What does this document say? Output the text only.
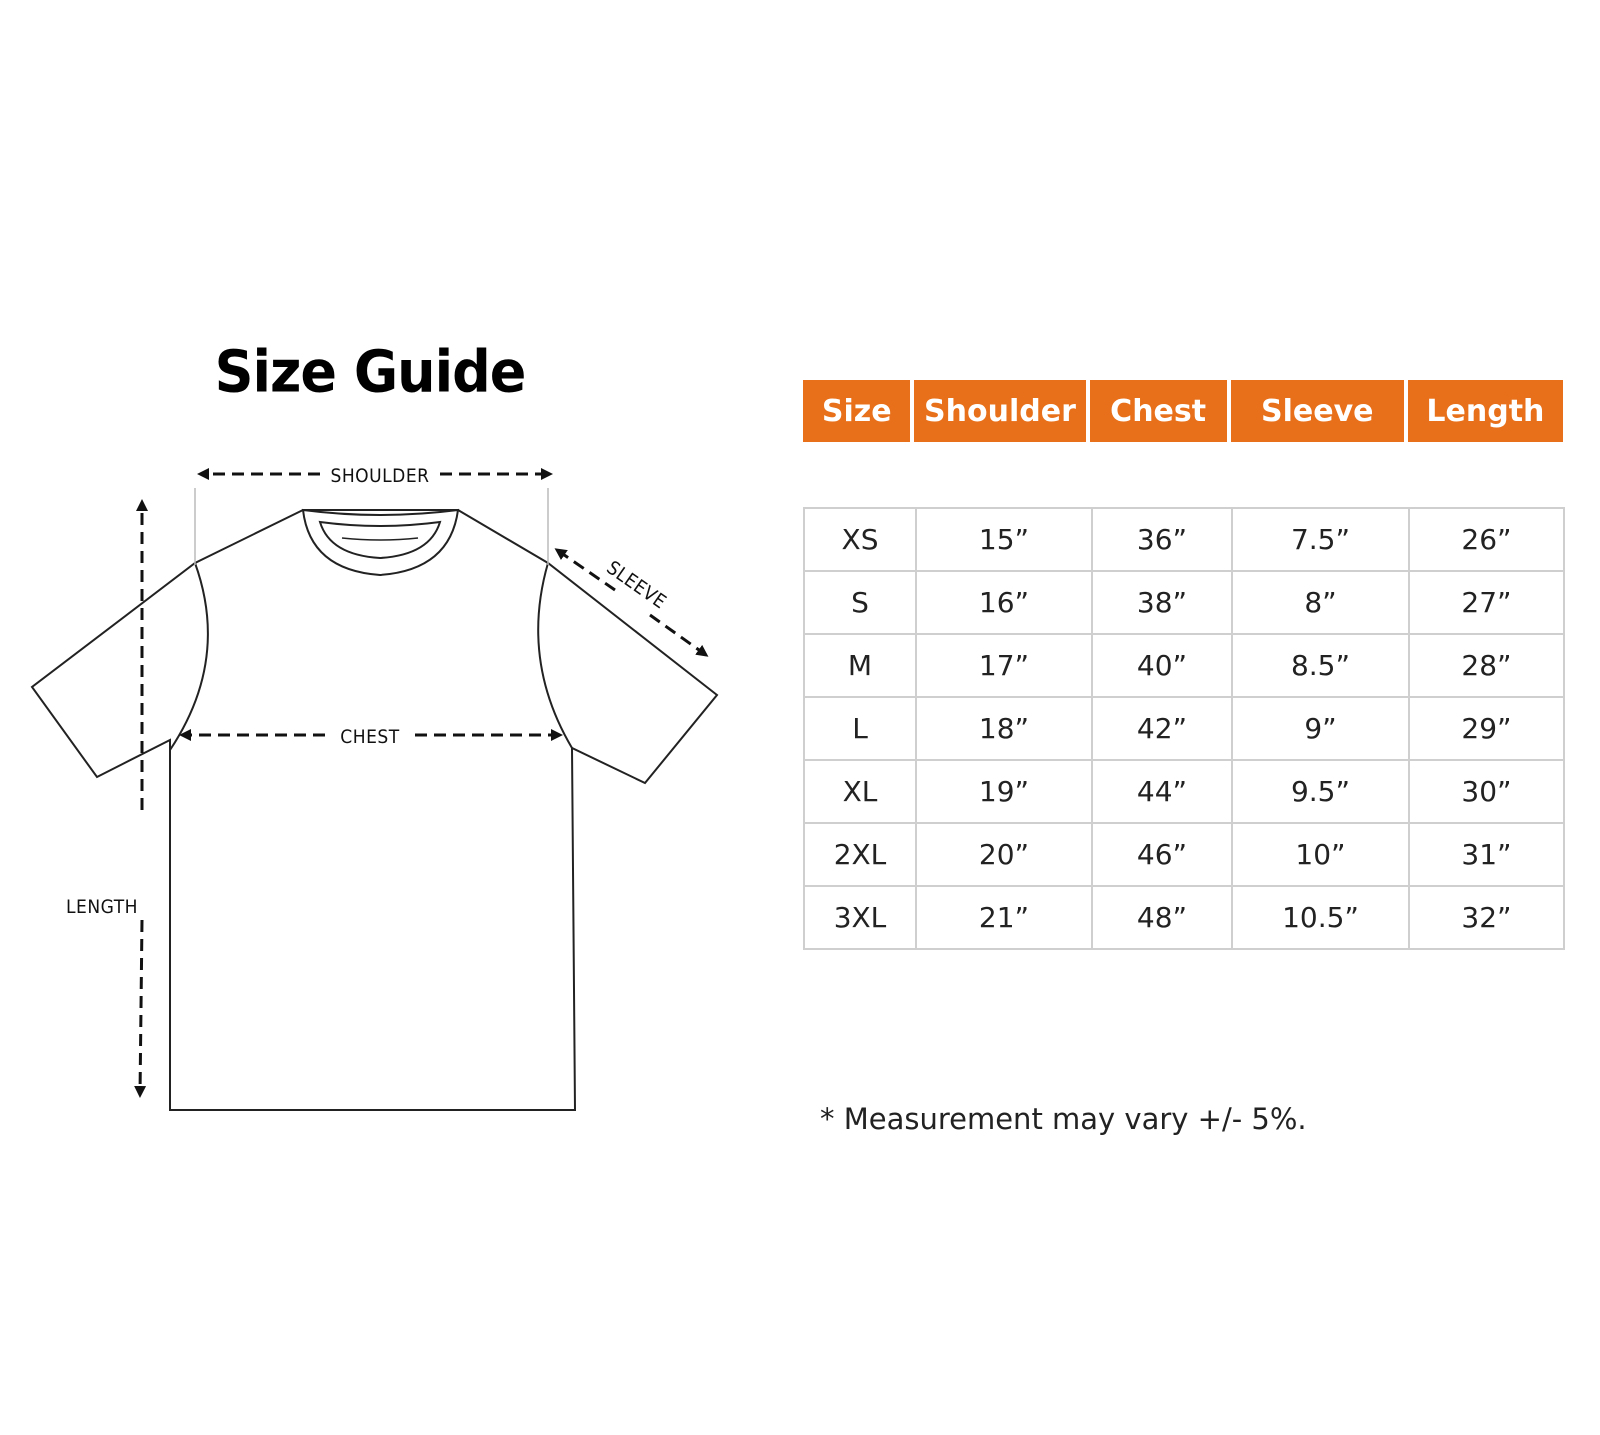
Size Guide
SHOULDER
SLEEVE
CHEST
LENGTH
Size	Shoulder	Chest	Sleeve	Length
XS	15”	36”	7.5”	26”
S	16”	38”	8”	27”
M	17”	40”	8.5”	28”
L	18”	42”	9”	29”
XL	19”	44”	9.5”	30”
2XL	20”	46”	10”	31”
3XL	21”	48”	10.5”	32”
* Measurement may vary +/- 5%.
